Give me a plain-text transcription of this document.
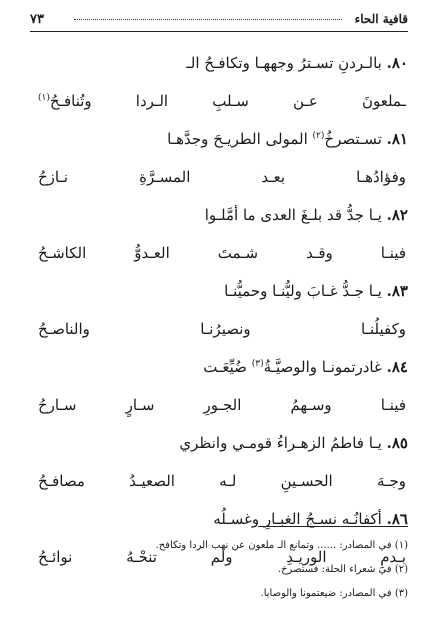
قافية الحاء
٧٣
٨٠. بالـردنِ تسـترُ وجههـا وتكافـحُ الـ
ـملعونَ عـن سـلبِ الـردا وتُنافـحُ$^{(١)}$
٨١. تسـتصرخُ$^{(٢)}$ المولى الطريـحَ وجدَّهـا
وفؤادُهـا بعـد المسـرَّةِ نـازحُ
٨٢. يـا جدُّ قد بلـغَ العدى ما أمَّلـوا
فينـا وقـد شـمتَ العـدوُّ الكاشـحُ
٨٣. يـا جـدُّ غـابَ وليُّنـا وحميُّنـا
وكفيلُنـا ونصيرُنـا والناصـحُ
٨٤. غادرتمونـا والوصيَّـةُ$^{(٣)}$ ضُيِّعَـت
فينـا وسـهمُ الجـورِ سـارٍ سـارحُ
٨٥. يـا فاطمُ الزهـراءُ قومـي وانظري
وجـهَ الحسـينِ لـه الصعيـدُ مصافـحُ
٨٦. أكفانُـه نسـجُ الغبـارِ وغسـلُه
بـدمِ الوريـدِ ولم تنحْـهُ نوائـحُ
(١) في المصادر: ...... وتمانع الـ ملعون عن نهب الردا وتكافح.
(٢) في شعراء الحلة: فستصرخ.
(٣) في المصادر: ضيعتمونا والوصايا.
